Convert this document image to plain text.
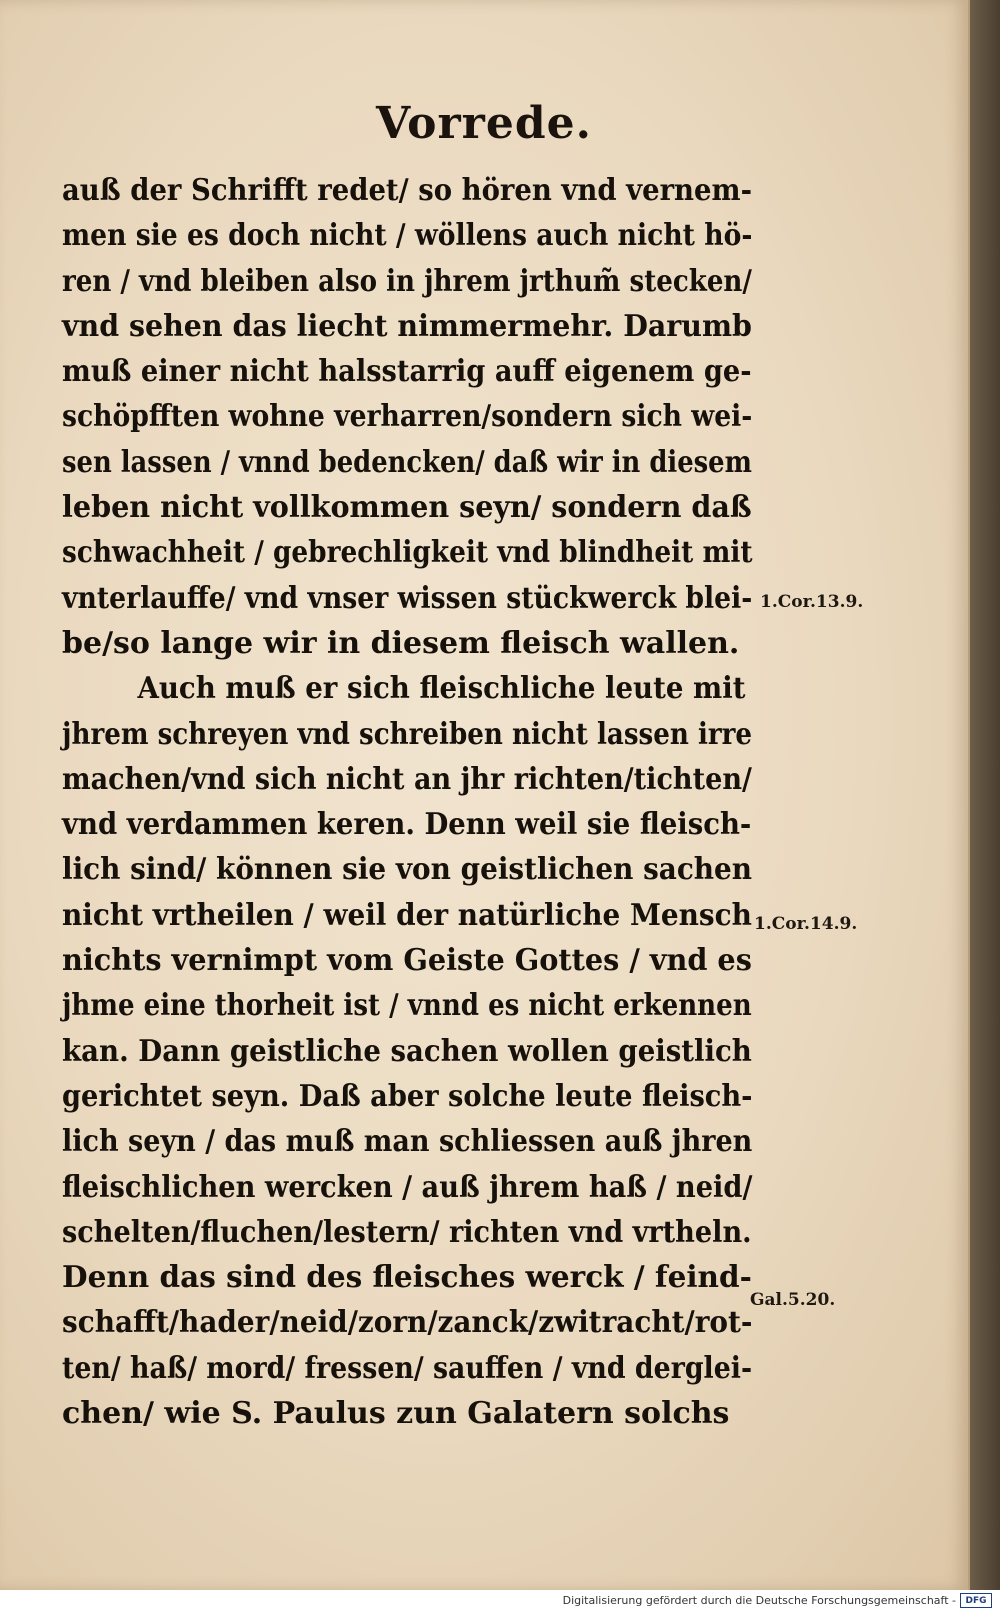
Vorrede.
auß der Schrifft redet/ so hören vnd vernem-
men sie es doch nicht / wöllens auch nicht hö-
ren / vnd bleiben also in jhrem jrthum̃ stecken/
vnd sehen das liecht nimmermehr. Darumb
muß einer nicht halsstarrig auff eigenem ge-
schöpfften wohne verharren/sondern sich wei-
sen lassen / vnnd bedencken/ daß wir in diesem
leben nicht vollkommen seyn/ sondern daß
schwachheit / gebrechligkeit vnd blindheit mit
vnterlauffe/ vnd vnser wissen stückwerck blei-
be/so lange wir in diesem fleisch wallen.
Auch muß er sich fleischliche leute mit
jhrem schreyen vnd schreiben nicht lassen irre
machen/vnd sich nicht an jhr richten/tichten/
vnd verdammen keren. Denn weil sie fleisch-
lich sind/ können sie von geistlichen sachen
nicht vrtheilen / weil der natürliche Mensch
nichts vernimpt vom Geiste Gottes / vnd es
jhme eine thorheit ist / vnnd es nicht erkennen
kan. Dann geistliche sachen wollen geistlich
gerichtet seyn. Daß aber solche leute fleisch-
lich seyn / das muß man schliessen auß jhren
fleischlichen wercken / auß jhrem haß / neid/
schelten/fluchen/lestern/ richten vnd vrtheln.
Denn das sind des fleisches werck / feind-
schafft/hader/neid/zorn/zanck/zwitracht/rot-
ten/ haß/ mord/ fressen/ sauffen / vnd derglei-
chen/ wie S. Paulus zun Galatern solchs
1.Cor.13.9.
1.Cor.14.9.
Gal.5.20.
Digitalisierung gefördert durch die Deutsche Forschungsgemeinschaft -	DFG
